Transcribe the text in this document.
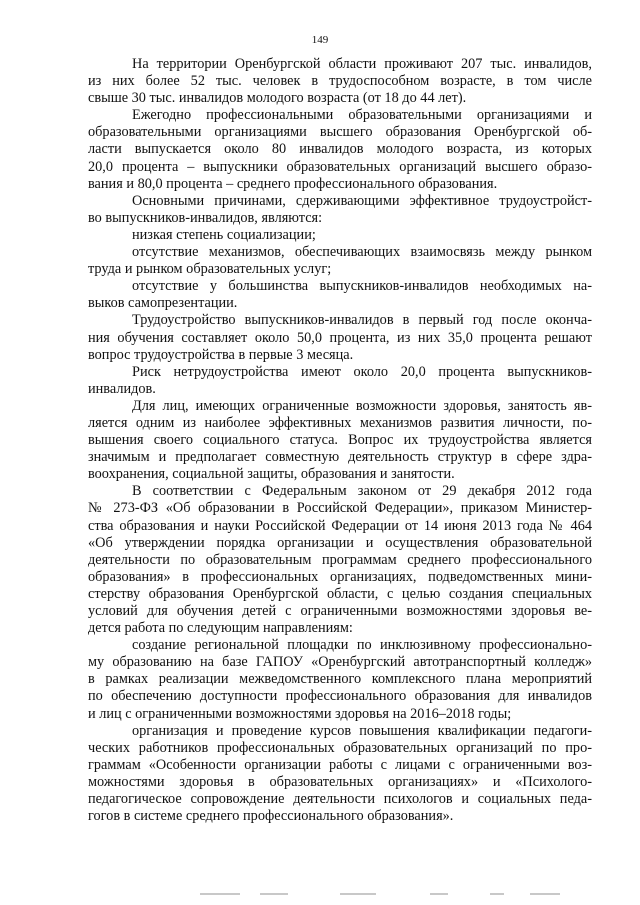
149
На территории Оренбургской области проживают 207 тыс. инвалидов,
из них более 52 тыс. человек в трудоспособном возрасте, в том числе
свыше 30 тыс. инвалидов молодого возраста (от 18 до 44 лет).
Ежегодно профессиональными образовательными организациями и
образовательными организациями высшего образования Оренбургской об-
ласти выпускается около 80 инвалидов молодого возраста, из которых
20,0 процента – выпускники образовательных организаций высшего образо-
вания и 80,0 процента – среднего профессионального образования.
Основными причинами, сдерживающими эффективное трудоустройст-
во выпускников-инвалидов, являются:
низкая степень социализации;
отсутствие механизмов, обеспечивающих взаимосвязь между рынком
труда и рынком образовательных услуг;
отсутствие у большинства выпускников-инвалидов необходимых на-
выков самопрезентации.
Трудоустройство выпускников-инвалидов в первый год после оконча-
ния обучения составляет около 50,0 процента, из них 35,0 процента решают
вопрос трудоустройства в первые 3 месяца.
Риск нетрудоустройства имеют около 20,0 процента выпускников-
инвалидов.
Для лиц, имеющих ограниченные возможности здоровья, занятость яв-
ляется одним из наиболее эффективных механизмов развития личности, по-
вышения своего социального статуса. Вопрос их трудоустройства является
значимым и предполагает совместную деятельность структур в сфере здра-
воохранения, социальной защиты, образования и занятости.
В соответствии с Федеральным законом от 29 декабря 2012 года
№ 273-ФЗ «Об образовании в Российской Федерации», приказом Министер-
ства образования и науки Российской Федерации от 14 июня 2013 года № 464
«Об утверждении порядка организации и осуществления образовательной
деятельности по образовательным программам среднего профессионального
образования» в профессиональных организациях, подведомственных мини-
стерству образования Оренбургской области, с целью создания специальных
условий для обучения детей с ограниченными возможностями здоровья ве-
дется работа по следующим направлениям:
создание региональной площадки по инклюзивному профессионально-
му образованию на базе ГАПОУ «Оренбургский автотранспортный колледж»
в рамках реализации межведомственного комплексного плана мероприятий
по обеспечению доступности профессионального образования для инвалидов
и лиц с ограниченными возможностями здоровья на 2016–2018 годы;
организация и проведение курсов повышения квалификации педагоги-
ческих работников профессиональных образовательных организаций по про-
граммам «Особенности организации работы с лицами с ограниченными воз-
можностями здоровья в образовательных организациях» и «Психолого-
педагогическое сопровождение деятельности психологов и социальных педа-
гогов в системе среднего профессионального образования».
